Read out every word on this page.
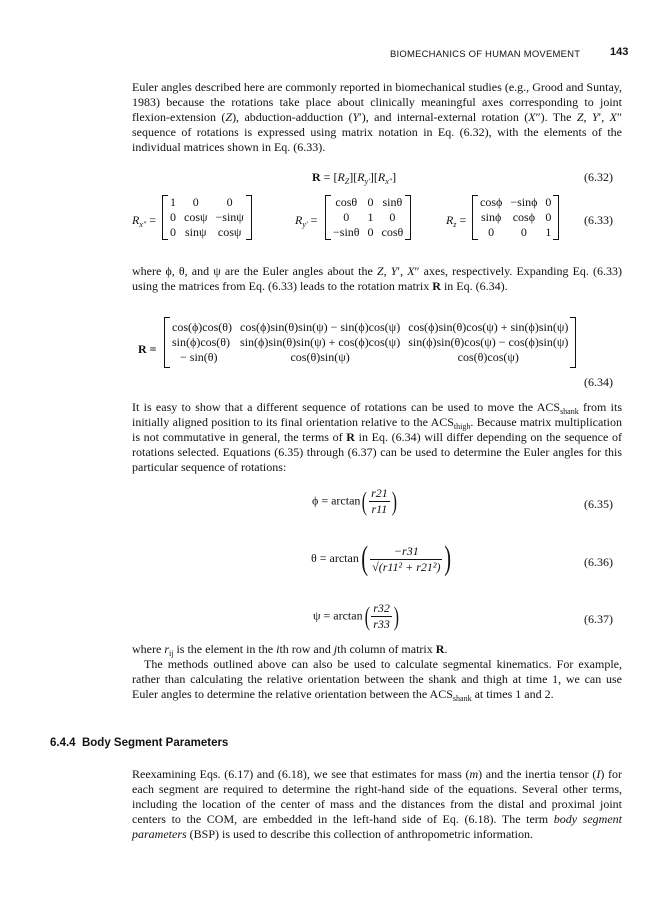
BIOMECHANICS OF HUMAN MOVEMENT	143

Euler angles described here are commonly reported in biomechanical studies (e.g., Grood and Suntay, 1983) because the rotations take place about clinically meaningful axes corresponding to joint flexion-extension (Z), abduction-adduction (Y′), and internal-external rotation (X″). The Z, Y′, X″ sequence of rotations is expressed using matrix notation in Eq. (6.32), with the elements of the individual matrices shown in Eq. (6.33).

$R = [R_Z][R_{y'}][R_{x''}]$	(6.32)
$R_{x''}$ =
1	0	0
0	cosψ	−sinψ
0	sinψ	cosψ
$R_{y'}$ =
cosθ	0	sinθ
0	1	0
−sinθ	0	cosθ
$R_z$ =
cosϕ	−sinϕ	0
sinϕ	cosϕ	0
0	0	1
(6.33)

where ϕ, θ, and ψ are the Euler angles about the Z, Y′, X″ axes, respectively. Expanding Eq. (6.33) using the matrices from Eq. (6.33) leads to the rotation matrix R in Eq. (6.34).

R =
cos(ϕ)cos(θ)	cos(ϕ)sin(θ)sin(ψ) − sin(ϕ)cos(ψ)	cos(ϕ)sin(θ)cos(ψ) + sin(ϕ)sin(ψ)
sin(ϕ)cos(θ)	sin(ϕ)sin(θ)sin(ψ) + cos(ϕ)cos(ψ)	sin(ϕ)sin(θ)cos(ψ) − cos(ϕ)sin(ψ)
− sin(θ)	cos(θ)sin(ψ)	cos(θ)cos(ψ)
(6.34)

It is easy to show that a different sequence of rotations can be used to move the $ACS_{shank}$ from its initially aligned position to its final orientation relative to the $ACS_{thigh}$. Because matrix multiplication is not commutative in general, the terms of R in Eq. (6.34) will differ depending on the sequence of rotations selected. Equations (6.35) through (6.37) can be used to determine the Euler angles for this particular sequence of rotations:

$\phi = \arctan( \frac{r21}{r11}$ )	(6.35)
$\theta = \arctan( \frac{-r31}{\text{√(r11² + r21²)}}$ )	(6.36)
$\psi = \arctan( \frac{r32}{r33}$ )	(6.37)

where $r_{ij}$ is the element in the ith row and jth column of matrix R.

The methods outlined above can also be used to calculate segmental kinematics. For example, rather than calculating the relative orientation between the shank and thigh at time 1, we can use Euler angles to determine the relative orientation between the $ACS_{shank}$ at times 1 and 2.

6.4.4 Body Segment Parameters

Reexamining Eqs. (6.17) and (6.18), we see that estimates for mass (m) and the inertia tensor (I) for each segment are required to determine the right-hand side of the equations. Several other terms, including the location of the center of mass and the distances from the distal and proximal joint centers to the COM, are embedded in the left-hand side of Eq. (6.18). The term body segment parameters (BSP) is used to describe this collection of anthropometric information.
